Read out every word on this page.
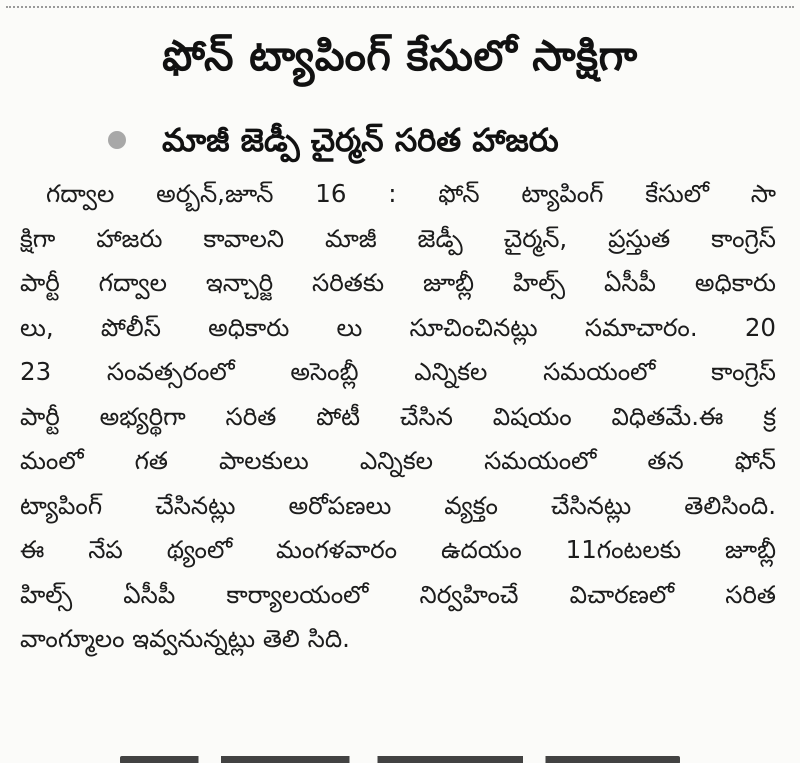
ఫోన్ ట్యాపింగ్ కేసులో సాక్షిగా
మాజీ జెడ్పీ చైర్మన్ సరిత హాజరు
గద్వాల అర్బన్,జూన్ 16 : ఫోన్ ట్యాపింగ్ కేసులో సా
క్షిగా హాజరు కావాలని మాజీ జెడ్పీ చైర్మన్, ప్రస్తుత కాంగ్రెస్
పార్టీ గద్వాల ఇన్చార్జి సరితకు జూబ్లీ హిల్స్ ఏసీపీ అధికారు
లు, పోలీస్ అధికారు లు సూచించినట్లు సమాచారం. 20
23 సంవత్సరంలో అసెంబ్లీ ఎన్నికల సమయంలో కాంగ్రెస్
పార్టీ అభ్యర్థిగా సరిత పోటీ చేసిన విషయం విధితమే.ఈ క్ర
మంలో గత పాలకులు ఎన్నికల సమయంలో తన ఫోన్
ట్యాపింగ్ చేసినట్లు అరోపణలు వ్యక్తం చేసినట్లు తెలిసింది.
ఈ నేప థ్యంలో మంగళవారం ఉదయం 11గంటలకు జూబ్లీ
హిల్స్ ఏసీపీ కార్యాలయంలో నిర్వహించే విచారణలో సరిత
వాంగ్మూలం ఇవ్వనున్నట్లు తెలి సిది.
